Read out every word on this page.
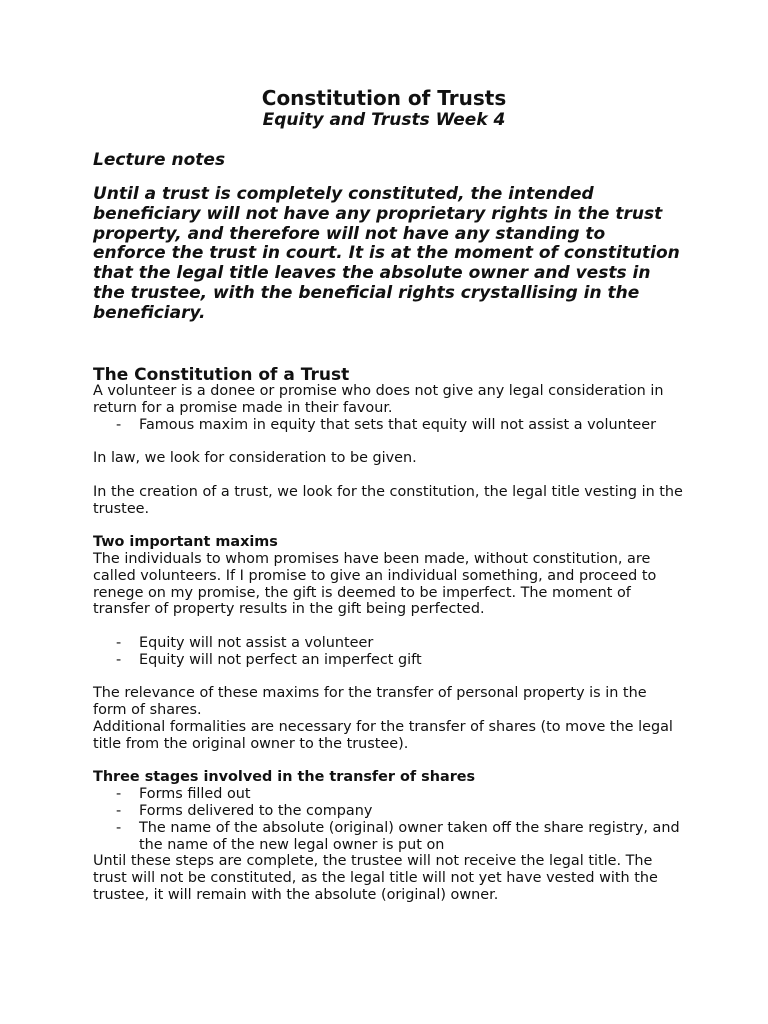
Constitution of Trusts
Equity and Trusts Week 4
Lecture notes

Until a trust is completely constituted, the intended beneficiary will not have any proprietary rights in the trust property, and therefore will not have any standing to enforce the trust in court. It is at the moment of constitution that the legal title leaves the absolute owner and vests in the trustee, with the beneficial rights crystallising in the beneficiary.

The Constitution of a Trust

A volunteer is a donee or promise who does not give any legal consideration in return for a promise made in their favour.

- Famous maxim in equity that sets that equity will not assist a volunteer

In law, we look for consideration to be given.

In the creation of a trust, we look for the constitution, the legal title vesting in the trustee.

Two important maxims

The individuals to whom promises have been made, without constitution, are called volunteers. If I promise to give an individual something, and proceed to renege on my promise, the gift is deemed to be imperfect. The moment of transfer of property results in the gift being perfected.

- Equity will not assist a volunteer
- Equity will not perfect an imperfect gift

The relevance of these maxims for the transfer of personal property is in the form of shares.

Additional formalities are necessary for the transfer of shares (to move the legal title from the original owner to the trustee).

Three stages involved in the transfer of shares

- Forms filled out
- Forms delivered to the company
- The name of the absolute (original) owner taken off the share registry, and the name of the new legal owner is put on

Until these steps are complete, the trustee will not receive the legal title. The trust will not be constituted, as the legal title will not yet have vested with the trustee, it will remain with the absolute (original) owner.
